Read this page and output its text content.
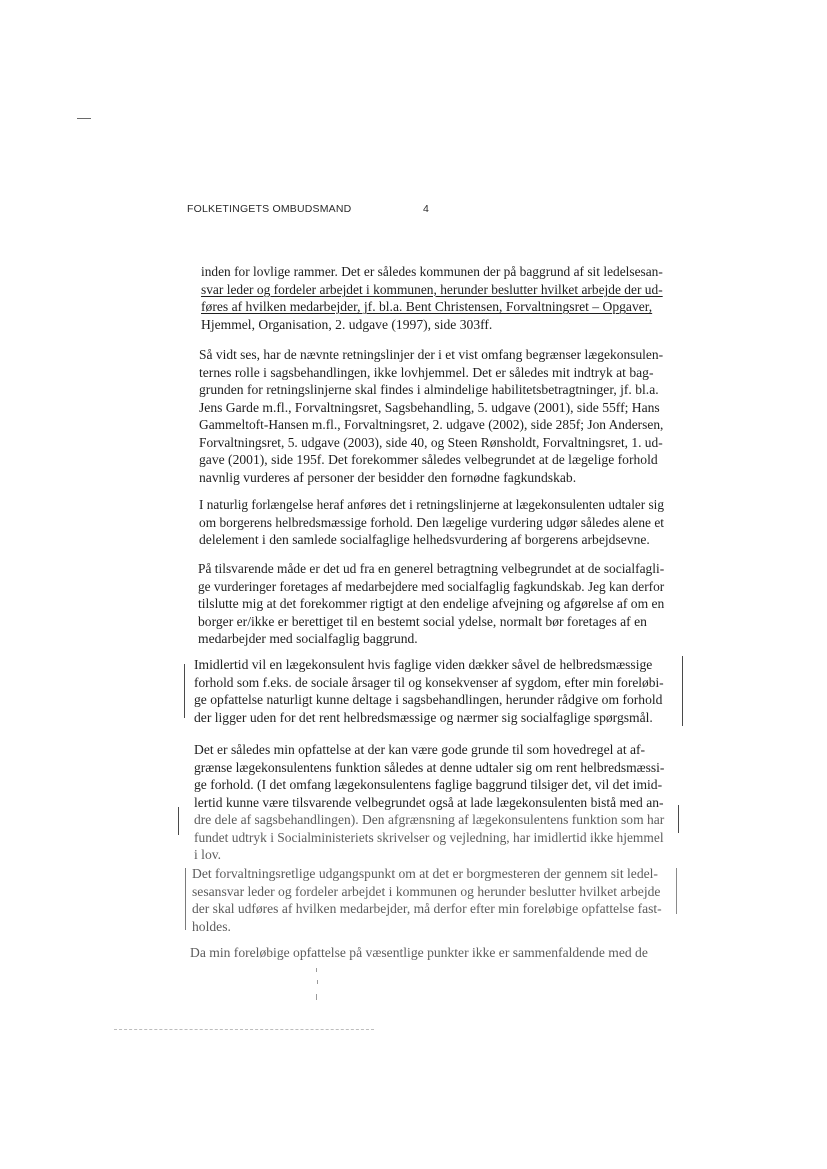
FOLKETINGETS OMBUDSMAND	4
inden for lovlige rammer. Det er således kommunen der på baggrund af sit ledelsesan-
svar leder og fordeler arbejdet i kommunen, herunder beslutter hvilket arbejde der ud-
føres af hvilken medarbejder, jf. bl.a. Bent Christensen, Forvaltningsret – Opgaver,
Hjemmel, Organisation, 2. udgave (1997), side 303ff.
Så vidt ses, har de nævnte retningslinjer der i et vist omfang begrænser lægekonsulen-
ternes rolle i sagsbehandlingen, ikke lovhjemmel. Det er således mit indtryk at bag-
grunden for retningslinjerne skal findes i almindelige habilitetsbetragtninger, jf. bl.a.
Jens Garde m.fl., Forvaltningsret, Sagsbehandling, 5. udgave (2001), side 55ff; Hans
Gammeltoft-Hansen m.fl., Forvaltningsret, 2. udgave (2002), side 285f; Jon Andersen,
Forvaltningsret, 5. udgave (2003), side 40, og Steen Rønsholdt, Forvaltningsret, 1. ud-
gave (2001), side 195f. Det forekommer således velbegrundet at de lægelige forhold
navnlig vurderes af personer der besidder den fornødne fagkundskab.
I naturlig forlængelse heraf anføres det i retningslinjerne at lægekonsulenten udtaler sig
om borgerens helbredsmæssige forhold. Den lægelige vurdering udgør således alene et
delelement i den samlede socialfaglige helhedsvurdering af borgerens arbejdsevne.
På tilsvarende måde er det ud fra en generel betragtning velbegrundet at de socialfagli-
ge vurderinger foretages af medarbejdere med socialfaglig fagkundskab. Jeg kan derfor
tilslutte mig at det forekommer rigtigt at den endelige afvejning og afgørelse af om en
borger er/ikke er berettiget til en bestemt social ydelse, normalt bør foretages af en
medarbejder med socialfaglig baggrund.
Imidlertid vil en lægekonsulent hvis faglige viden dækker såvel de helbredsmæssige
forhold som f.eks. de sociale årsager til og konsekvenser af sygdom, efter min foreløbi-
ge opfattelse naturligt kunne deltage i sagsbehandlingen, herunder rådgive om forhold
der ligger uden for det rent helbredsmæssige og nærmer sig socialfaglige spørgsmål.
Det er således min opfattelse at der kan være gode grunde til som hovedregel at af-
grænse lægekonsulentens funktion således at denne udtaler sig om rent helbredsmæssi-
ge forhold. (I det omfang lægekonsulentens faglige baggrund tilsiger det, vil det imid-
lertid kunne være tilsvarende velbegrundet også at lade lægekonsulenten bistå med an-
dre dele af sagsbehandlingen). Den afgrænsning af lægekonsulentens funktion som har
fundet udtryk i Socialministeriets skrivelser og vejledning, har imidlertid ikke hjemmel
i lov.
Det forvaltningsretlige udgangspunkt om at det er borgmesteren der gennem sit ledel-
sesansvar leder og fordeler arbejdet i kommunen og herunder beslutter hvilket arbejde
der skal udføres af hvilken medarbejder, må derfor efter min foreløbige opfattelse fast-
holdes.
Da min foreløbige opfattelse på væsentlige punkter ikke er sammenfaldende med de
